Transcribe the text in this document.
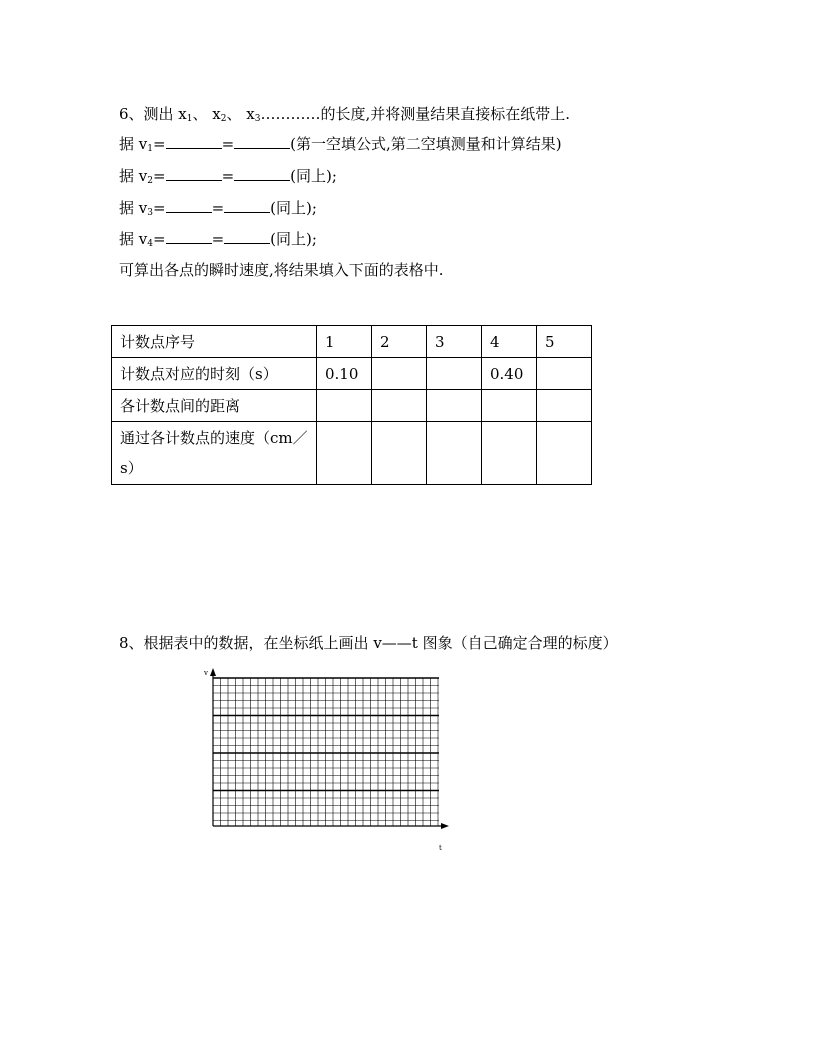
6、测出 $x_1$、 $x_2$、 $x_3\dots\dots\dots\dots$的长度,并将测量结果直接标在纸带上.
据 $v_1=$	=	(第一空填公式,第二空填测量和计算结果)
据 $v_2=$	=	(同上);
据 $v_3=$	=	(同上);
据 $v_4=$	=	(同上);
可算出各点的瞬时速度,将结果填入下面的表格中.
计数点序号	1	2	3	4	5
计数点对应的时刻（s）	0.10			0.40	
各计数点间的距离					
通过各计数点的速度（cm／
s）					
8、根据表中的数据，在坐标纸上画出 v——t 图象（自己确定合理的标度）
v
t
